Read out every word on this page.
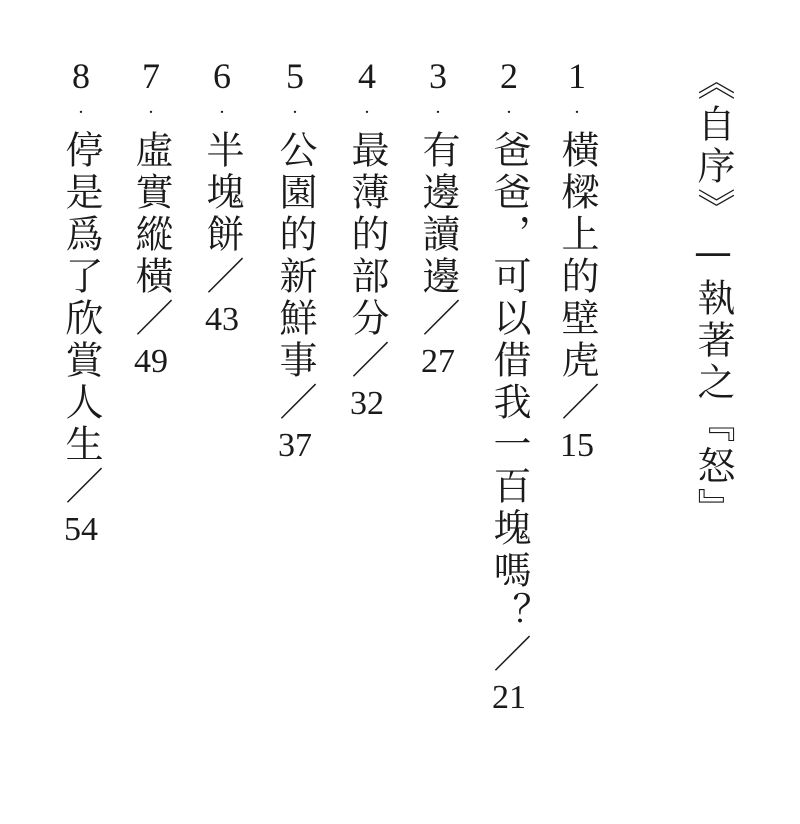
《自序》—執著之『怒』
1
·
橫樑上的壁虎／
15
2
·
爸爸，可以借我一百塊嗎？／
21
3
·
有邊讀邊／
27
4
·
最薄的部分／
32
5
·
公園的新鮮事／
37
6
·
半塊餅／
43
7
·
虛實縱橫／
49
8
·
停是爲了欣賞人生／
54
